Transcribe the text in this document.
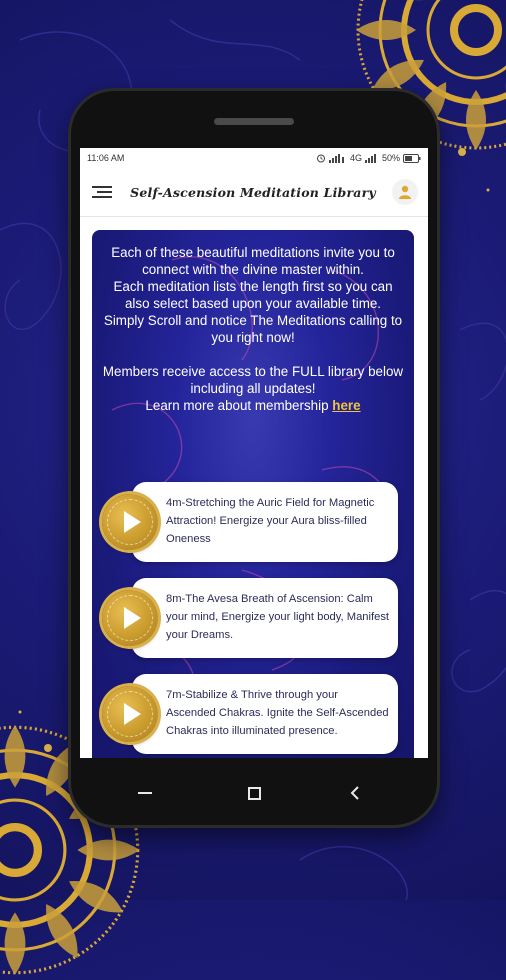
11:06 AM	4G 50%
Self-Ascension Meditation Library

Each of these beautiful meditations invite you to connect with the divine master within.

Each meditation lists the length first so you can also select based upon your available time.

Simply Scroll and notice The Meditations calling to you right now!

Members receive access to the FULL library below including all updates!

Learn more about membership here

4m-Stretching the Auric Field for Magnetic Attraction! Energize your Aura bliss-filled Oneness
8m-The Avesa Breath of Ascension: Calm your mind, Energize your light body, Manifest your Dreams.
7m-Stabilize & Thrive through your Ascended Chakras. Ignite the Self-Ascended Chakras into illuminated presence.
